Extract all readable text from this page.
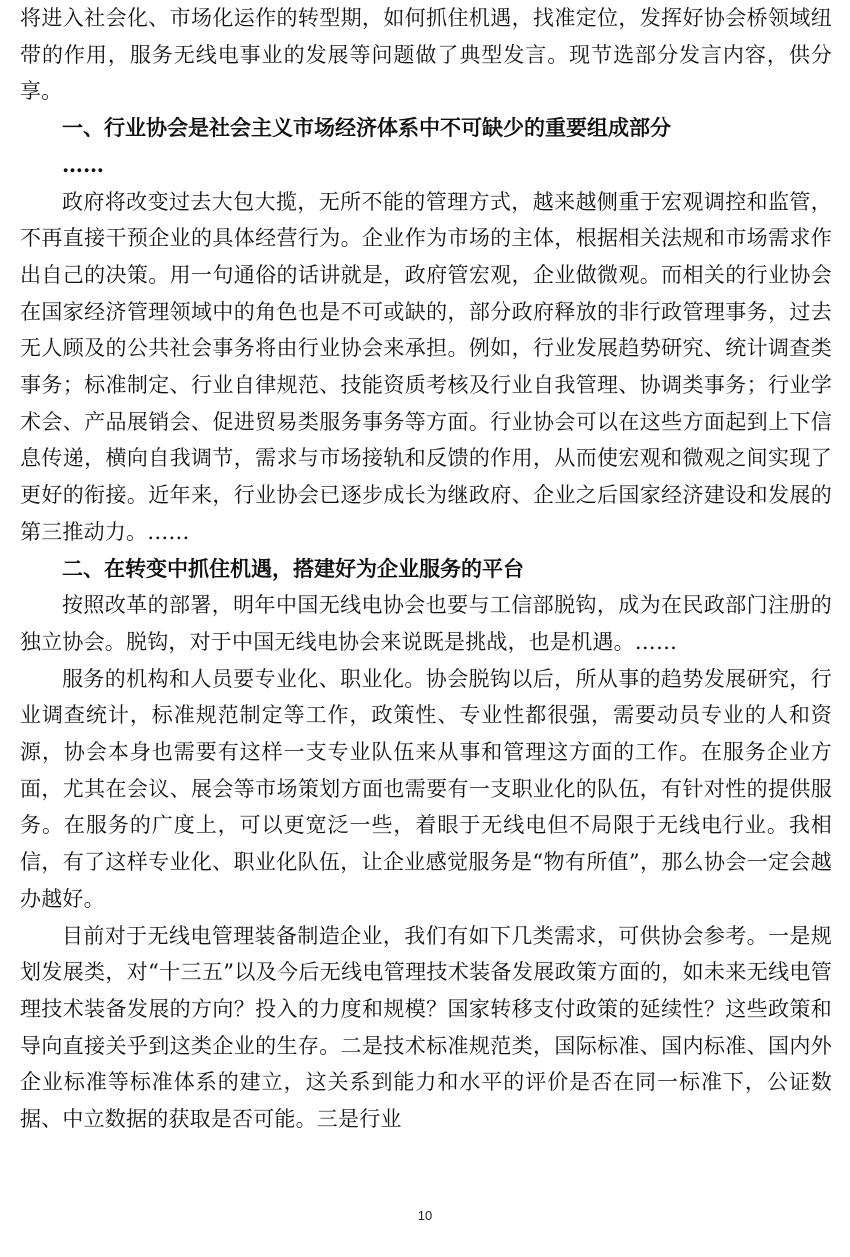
将进入社会化、市场化运作的转型期，如何抓住机遇，找准定位，发挥好协会桥领域纽带的作用，服务无线电事业的发展等问题做了典型发言。现节选部分发言内容，供分享。

一、行业协会是社会主义市场经济体系中不可缺少的重要组成部分

……

政府将改变过去大包大揽，无所不能的管理方式，越来越侧重于宏观调控和监管，不再直接干预企业的具体经营行为。企业作为市场的主体，根据相关法规和市场需求作出自己的决策。用一句通俗的话讲就是，政府管宏观，企业做微观。而相关的行业协会在国家经济管理领域中的角色也是不可或缺的，部分政府释放的非行政管理事务，过去无人顾及的公共社会事务将由行业协会来承担。例如，行业发展趋势研究、统计调查类事务；标准制定、行业自律规范、技能资质考核及行业自我管理、协调类事务；行业学术会、产品展销会、促进贸易类服务事务等方面。行业协会可以在这些方面起到上下信息传递，横向自我调节，需求与市场接轨和反馈的作用，从而使宏观和微观之间实现了更好的衔接。近年来，行业协会已逐步成长为继政府、企业之后国家经济建设和发展的第三推动力。……

二、在转变中抓住机遇，搭建好为企业服务的平台

按照改革的部署，明年中国无线电协会也要与工信部脱钩，成为在民政部门注册的独立协会。脱钩，对于中国无线电协会来说既是挑战，也是机遇。……

服务的机构和人员要专业化、职业化。协会脱钩以后，所从事的趋势发展研究，行业调查统计，标准规范制定等工作，政策性、专业性都很强，需要动员专业的人和资源，协会本身也需要有这样一支专业队伍来从事和管理这方面的工作。在服务企业方面，尤其在会议、展会等市场策划方面也需要有一支职业化的队伍，有针对性的提供服务。在服务的广度上，可以更宽泛一些，着眼于无线电但不局限于无线电行业。我相信，有了这样专业化、职业化队伍，让企业感觉服务是“物有所值”，那么协会一定会越办越好。

目前对于无线电管理装备制造企业，我们有如下几类需求，可供协会参考。一是规划发展类，对“十三五”以及今后无线电管理技术装备发展政策方面的，如未来无线电管理技术装备发展的方向？投入的力度和规模？国家转移支付政策的延续性？这些政策和导向直接关乎到这类企业的生存。二是技术标准规范类，国际标准、国内标准、国内外企业标准等标准体系的建立，这关系到能力和水平的评价是否在同一标准下，公证数据、中立数据的获取是否可能。三是行业

10
